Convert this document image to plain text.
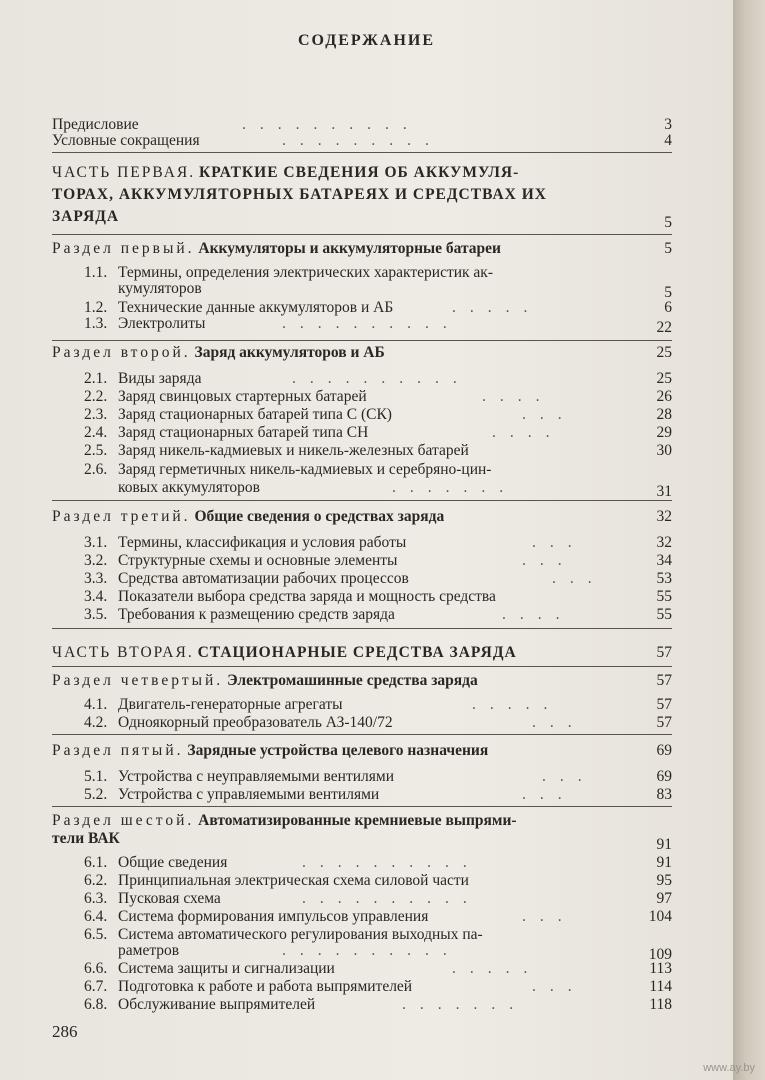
СОДЕРЖАНИЕ
Предисловие	..........	3
Условные сокращения	.........	4
ЧАСТЬ ПЕРВАЯ. КРАТКИЕ СВЕДЕНИЯ ОБ АККУМУЛЯ-
ТОРАХ, АККУМУЛЯТОРНЫХ БАТАРЕЯХ И СРЕДСТВАХ ИХ
ЗАРЯДА	5
Раздел первый. Аккумуляторы и аккумуляторные батареи	5
1.1. Термины, определения электрических характеристик ак-
кумуляторов	5
1.2. Технические данные аккумуляторов и АБ	.....	6
1.3. Электролиты	..........	22
Раздел второй. Заряд аккумуляторов и АБ	25
2.1. Виды заряда	..........	25
2.2. Заряд свинцовых стартерных батарей	....	26
2.3. Заряд стационарных батарей типа С (СК)	...	28
2.4. Заряд стационарных батарей типа СН	....	29
2.5. Заряд никель-кадмиевых и никель-железных батарей	30
2.6. Заряд герметичных никель-кадмиевых и серебряно-цин-
ковых аккумуляторов	.......	31
Раздел третий. Общие сведения о средствах заряда	32
3.1. Термины, классификация и условия работы	...	32
3.2. Структурные схемы и основные элементы	...	34
3.3. Средства автоматизации рабочих процессов	...	53
3.4. Показатели выбора средства заряда и мощность средства	55
3.5. Требования к размещению средств заряда	....	55
ЧАСТЬ ВТОРАЯ. СТАЦИОНАРНЫЕ СРЕДСТВА ЗАРЯДА	57
Раздел четвертый. Электромашинные средства заряда	57
4.1. Двигатель-генераторные агрегаты	.....	57
4.2. Одноякорный преобразователь АЗ-140/72	...	57
Раздел пятый. Зарядные устройства целевого назначения	69
5.1. Устройства с неуправляемыми вентилями	...	69
5.2. Устройства с управляемыми вентилями	...	83
Раздел шестой. Автоматизированные кремниевые выпрями-
тели ВАК	91
6.1. Общие сведения	..........	91
6.2. Принципиальная электрическая схема силовой части	95
6.3. Пусковая схема	..........	97
6.4. Система формирования импульсов управления	...	104
6.5. Система автоматического регулирования выходных па-
раметров	..........	109
6.6. Система защиты и сигнализации	.....	113
6.7. Подготовка к работе и работа выпрямителей	...	114
6.8. Обслуживание выпрямителей	.......	118
286
www.ay.by
